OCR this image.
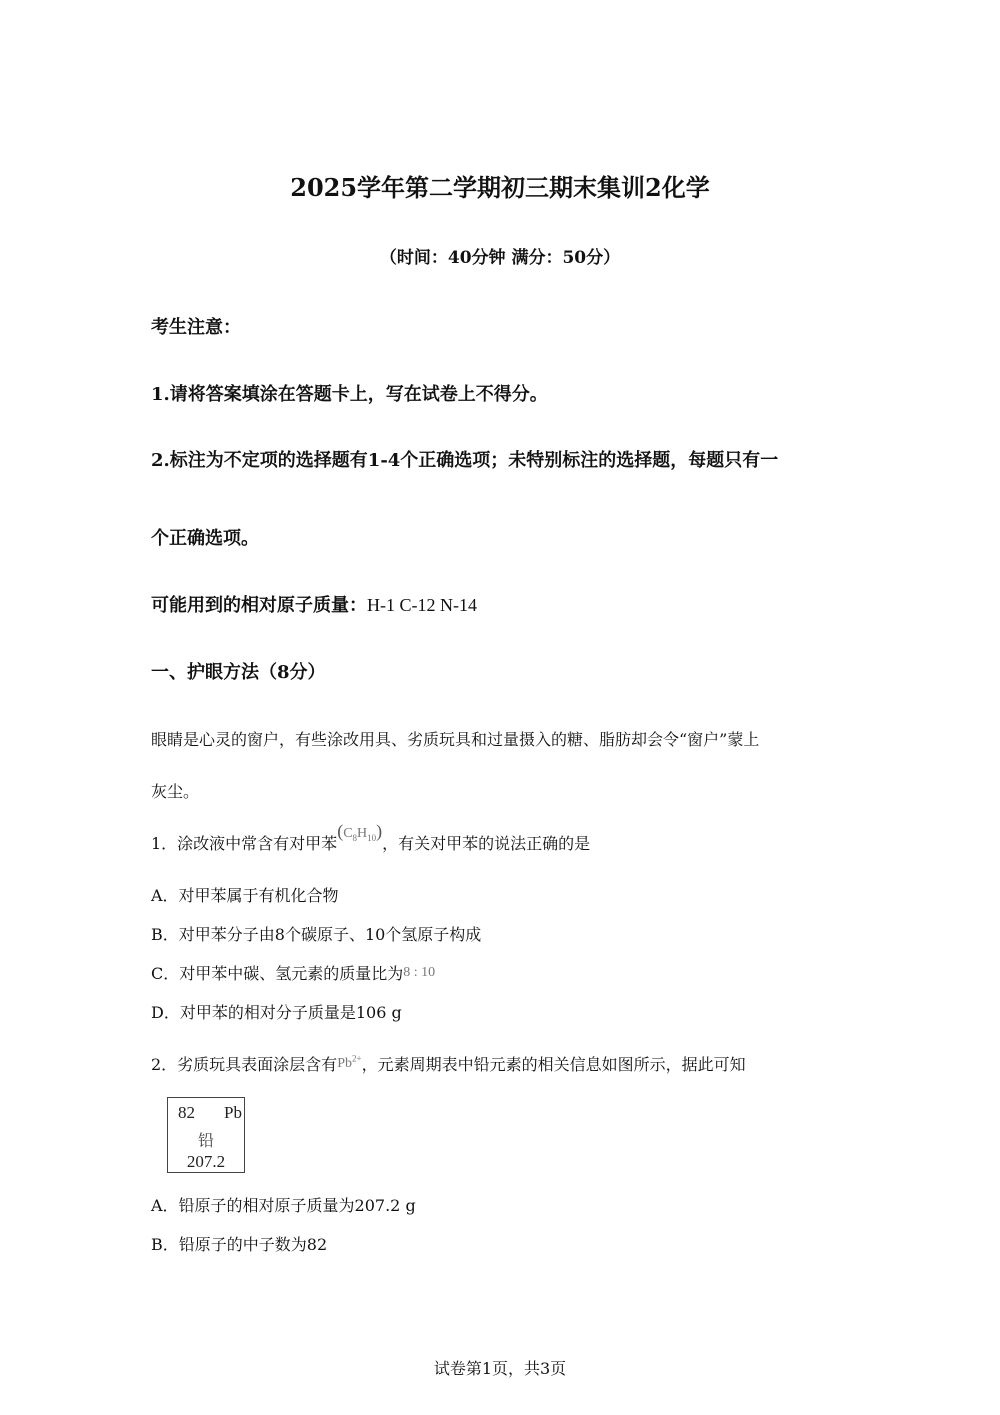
2025学年第二学期初三期末集训2化学
（时间：40分钟 满分：50分）
考生注意：
1.请将答案填涂在答题卡上，写在试卷上不得分。
2.标注为不定项的选择题有1-4个正确选项；未特别标注的选择题，每题只有一
个正确选项。
可能用到的相对原子质量：H-1 C-12 N-14
一、护眼方法（8分）
眼睛是心灵的窗户，有些涂改用具、劣质玩具和过量摄入的糖、脂肪却会令“窗户”蒙上
灰尘。
1．涂改液中常含有对甲苯$(C_8H_{10})$，有关对甲苯的说法正确的是
A．对甲苯属于有机化合物
B．对甲苯分子由8个碳原子、10个氢原子构成
C．对甲苯中碳、氢元素的质量比为8 : 10
D．对甲苯的相对分子质量是106 g
2．劣质玩具表面涂层含有$Pb^{2+}$，元素周期表中铅元素的相关信息如图所示，据此可知
82 Pb
铅
207.2
A．铅原子的相对原子质量为207.2 g
B．铅原子的中子数为82
试卷第1页，共3页
